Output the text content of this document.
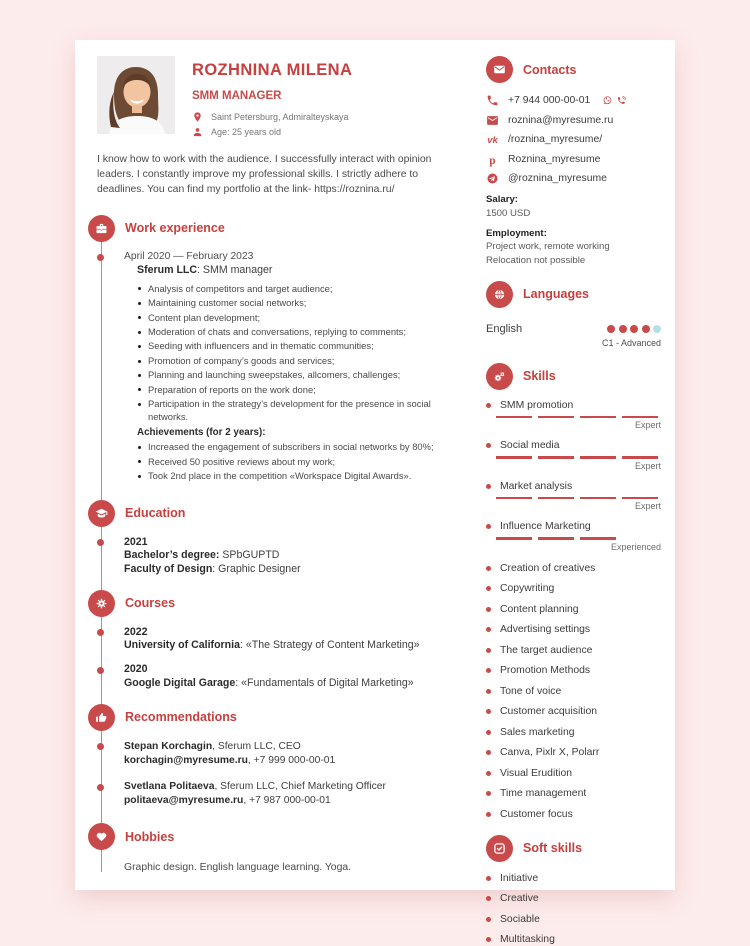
ROZHNINA MILENA
SMM MANAGER
Saint Petersburg, Admiralteyskaya
Age: 25 years old

I know how to work with the audience. I successfully interact with opinion leaders. I constantly improve my professional skills. I strictly adhere to deadlines. You can find my portfolio at the link- https://roznina.ru/

Work experience
April 2020 — February 2023
Sferum LLC: SMM manager
Analysis of competitors and target audience;
Maintaining customer social networks;
Content plan development;
Moderation of chats and conversations, replying to comments;
Seeding with influencers and in thematic communities;
Promotion of company’s goods and services;
Planning and launching sweepstakes, allcomers, challenges;
Preparation of reports on the work done;
Participation in the strategy’s development for the presence in social networks.
Achievements (for 2 years):
Increased the engagement of subscribers in social networks by 80%;
Received 50 positive reviews about my work;
Took 2nd place in the competition «Workspace Digital Awards».
Education
2021
Bachelor’s degree: SPbGUPTD
Faculty of Design: Graphic Designer
Courses
2022
University of California: «The Strategy of Content Marketing»
2020
Google Digital Garage: «Fundamentals of Digital Marketing»
Recommendations
Stepan Korchagin, Sferum LLC, CEO
korchagin@myresume.ru, +7 999 000-00-01
Svetlana Politaeva, Sferum LLC, Chief Marketing Officer
politaeva@myresume.ru, +7 987 000-00-01
Hobbies
Graphic design. English language learning. Yoga.
Contacts
+7 944 000-00-01
roznina@myresume.ru
vk /roznina_myresume/
p Roznina_myresume
@roznina_myresume
Salary:
1500 USD
Employment:
Project work, remote working
Relocation not possible
Languages
English
C1 - Advanced
Skills
SMM promotion
Expert
Social media
Expert
Market analysis
Expert
Influence Marketing
Experienced
Creation of creatives
Copywriting
Content planning
Advertising settings
The target audience
Promotion Methods
Tone of voice
Customer acquisition
Sales marketing
Canva, Pixlr X, Polarr
Visual Erudition
Time management
Customer focus
Soft skills
Initiative
Creative
Sociable
Multitasking
